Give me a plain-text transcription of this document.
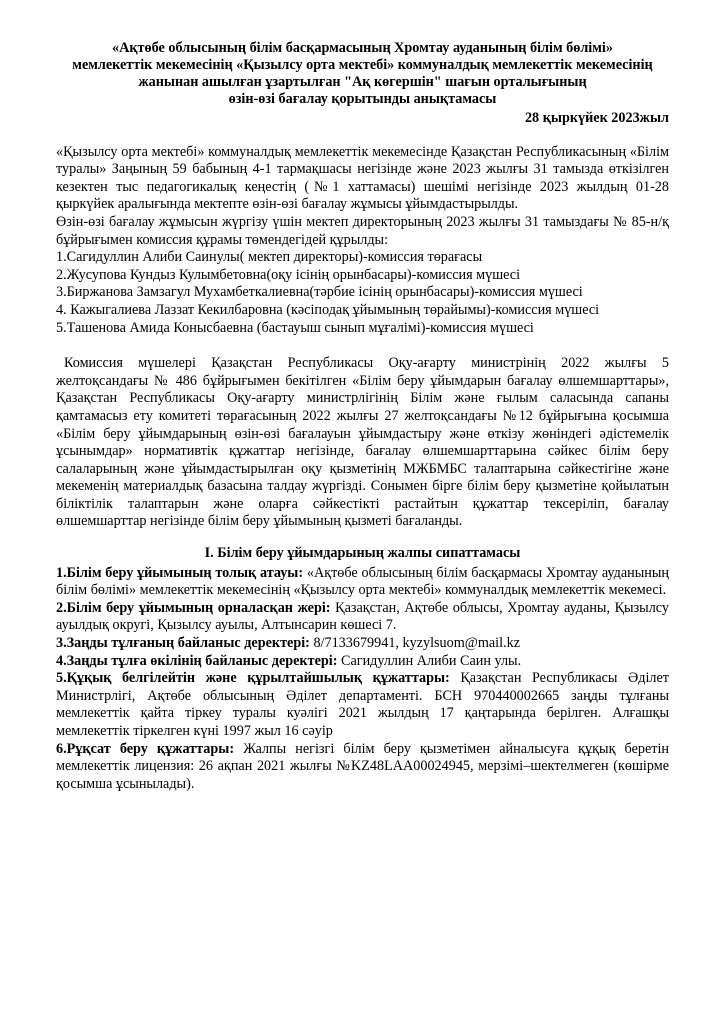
«Ақтөбе облысының білім басқармасының Хромтау ауданының білім бөлімі»
мемлекеттік мекемесінің «Қызылсу орта мектебі» коммуналдық мемлекеттік мекемесінің
жанынан ашылған ұзартылған "Ақ көгершін" шағын орталығының
өзін-өзі бағалау қорытынды анықтамасы
28 қыркүйек 2023жыл
«Қызылсу орта мектебі» коммуналдық мемлекеттік мекемесінде Қазақстан Республикасының «Білім туралы» Заңының 59 бабының 4-1 тармақшасы негізінде және 2023 жылғы 31 тамызда өткізілген кезектен тыс педагогикалық кеңестің (№1 хаттамасы) шешімі негізінде 2023 жылдың 01-28 қыркүйек аралығында мектепте өзін-өзі бағалау жұмысы ұйымдастырылды.
Өзін-өзі бағалау жұмысын жүргізу үшін мектеп директорының 2023 жылғы 31 тамыздағы № 85-н/қ бұйрығымен комиссия құрамы төмендегідей құрылды:
1.Сагидуллин Алиби Саинулы( мектеп директоры)-комиссия төрағасы
2.Жусупова Кундыз Кулымбетовна(оқу ісінің орынбасары)-комиссия мүшесі
3.Биржанова Замзагул Мухамбеткалиевна(тәрбие ісінің орынбасары)-комиссия мүшесі
4. Кажыгалиева Лаззат Кекилбаровна (кәсіподақ ұйымының төрайымы)-комиссия мүшесі
5.Ташенова Амида Конысбаевна (бастауыш сынып мұғалімі)-комиссия мүшесі
Комиссия мүшелері Қазақстан Республикасы Оқу-ағарту министрінің 2022 жылғы 5 желтоқсандағы № 486 бұйрығымен бекітілген «Білім беру ұйымдарын бағалау өлшемшарттары», Қазақстан Республикасы Оқу-ағарту министрлігінің Білім және ғылым саласында сапаны қамтамасыз ету комитеті төрағасының 2022 жылғы 27 желтоқсандағы №12 бұйрығына қосымша «Білім беру ұйымдарының өзін-өзі бағалауын ұйымдастыру және өткізу жөніндегі әдістемелік ұсынымдар» нормативтік құжаттар негізінде, бағалау өлшемшарттарына сәйкес білім беру салаларының және ұйымдастырылған оқу қызметінің МЖБМБС талаптарына сәйкестігіне және мекеменің материалдық базасына талдау жүргізді. Сонымен бірге білім беру қызметіне қойылатын біліктілік талаптарын және оларға сәйкестікті растайтын құжаттар тексеріліп, бағалау өлшемшарттар негізінде білім беру ұйымының қызметі бағаланды.
I. Білім беру ұйымдарының жалпы сипаттамасы
1.Білім беру ұйымының толық атауы: «Ақтөбе облысының білім басқармасы Хромтау ауданының білім бөлімі» мемлекеттік мекемесінің «Қызылсу орта мектебі» коммуналдық мемлекеттік мекемесі.
2.Білім беру ұйымының орналасқан жері: Қазақстан, Ақтөбе облысы, Хромтау ауданы, Қызылсу ауылдық округі, Қызылсу ауылы, Алтынсарин көшесі 7.
3.Заңды тұлғаның байланыс деректері: 8/7133679941, kyzylsuom@mail.kz
4.Заңды тұлға өкілінің байланыс деректері: Сагидуллин Алиби Саин улы.
5.Құқық белгілейтін және құрылтайшылық құжаттары: Қазақстан Республикасы Әділет Министрлігі, Ақтөбе облысының Әділет департаменті. БСН 970440002665 заңды тұлғаны мемлекеттік қайта тіркеу туралы куәлігі 2021 жылдың 17 қаңтарында берілген. Алғашқы мемлекеттік тіркелген күні 1997 жыл 16 сәуір
6.Рұқсат беру құжаттары: Жалпы негізгі білім беру қызметімен айналысуға құқық беретін мемлекеттік лицензия: 26 ақпан 2021 жылғы №KZ48LAA00024945, мерзімі–шектелмеген (көшірме қосымша ұсынылады).
